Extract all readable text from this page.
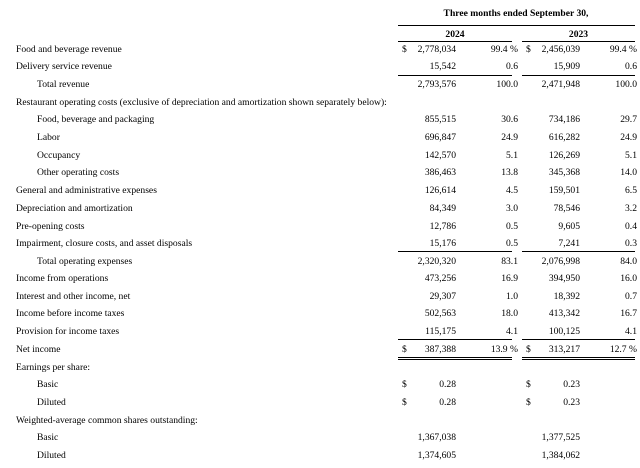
Three months ended September 30,
2024	2023
Food and beverage revenue	$ 2,778,034	99.4 % $ 2,456,039	99.4 %
Delivery service revenue	15,542	0.6	15,909	0.6
Total revenue	2,793,576	100.0 2,471,948	100.0
Restaurant operating costs (exclusive of depreciation and amortization shown separately below):
Food, beverage and packaging	855,515	30.6	734,186	29.7
Labor	696,847	24.9	616,282	24.9
Occupancy	142,570	5.1	126,269	5.1
Other operating costs	386,463	13.8	345,368	14.0
General and administrative expenses	126,614	4.5	159,501	6.5
Depreciation and amortization	84,349	3.0	78,546	3.2
Pre-opening costs	12,786	0.5	9,605	0.4
Impairment, closure costs, and asset disposals	15,176	0.5	7,241	0.3
Total operating expenses	2,320,320	83.1 2,076,998	84.0
Income from operations	473,256	16.9	394,950	16.0
Interest and other income, net	29,307	1.0	18,392	0.7
Income before income taxes	502,563	18.0	413,342	16.7
Provision for income taxes	115,175	4.1	100,125	4.1
Net income	$ 387,388	13.9 % $ 313,217	12.7 %
Earnings per share:
Basic	$	0.28	$	0.23
Diluted	$	0.28	$	0.23
Weighted-average common shares outstanding:
Basic	1,367,038	1,377,525
Diluted	1,374,605	1,384,062
